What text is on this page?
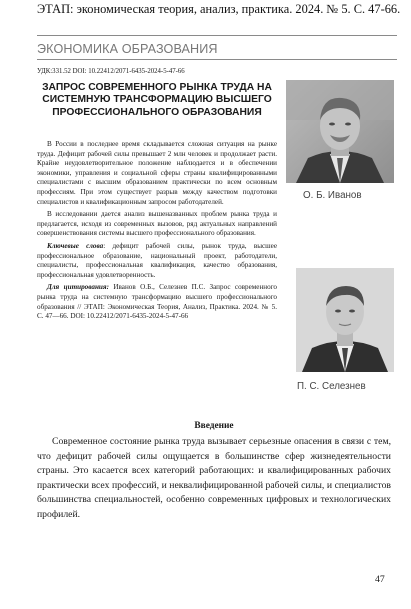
ЭТАП: экономическая теория, анализ, практика. 2024. № 5. С. 47-66.
ЭКОНОМИКА ОБРАЗОВАНИЯ
УДК:331.52 DOI: 10.22412/2071-6435-2024-5-47-66
ЗАПРОС СОВРЕМЕННОГО РЫНКА ТРУДА НА СИСТЕМНУЮ ТРАНСФОРМАЦИЮ ВЫСШЕГО ПРОФЕССИОНАЛЬНОГО ОБРАЗОВАНИЯ

В России в последнее время складывается сложная ситуация на рынке труда. Дефицит рабочей силы превышает 2 млн человек и продолжает расти. Крайне неудовлетворительное положение наблюдается и в обеспечении экономики, управления и социальной сферы страны квалифицированными специалистами с высшим образованием практически по всем основным профессиям. При этом существует разрыв между качеством подготовки специалистов и квалификационным запросом работодателей.

В исследовании дается анализ вышеназванных проблем рынка труда и предлагается, исходя из современных вызовов, ряд актуальных направлений совершенствования системы высшего профессионального образования.

Ключевые слова: дефицит рабочей силы, рынок труда, высшее профессиональное образование, национальный проект, работодатели, специалисты, профессиональная квалификация, качество образования, профессиональная удовлетворенность.

Для цитирования: Иванов О.Б., Селезнев П.С. Запрос современного рынка труда на системную трансформацию высшего профессионального образования // ЭТАП: Экономическая Теория, Анализ, Практика. 2024. № 5. С. 47—66. DOI: 10.22412/2071-6435-2024-5-47-66

О. Б. Иванов
П. С. Селезнев
Введение

Современное состояние рынка труда вызывает серьезные опасения в связи с тем, что дефицит рабочей силы ощущается в большинстве сфер жизнедеятельности страны. Это касается всех категорий работающих: и квалифицированных рабочих практически всех профессий, и неквалифицированной рабочей силы, и специалистов большинства специальностей, особенно современных цифровых и технологических профилей.

47
